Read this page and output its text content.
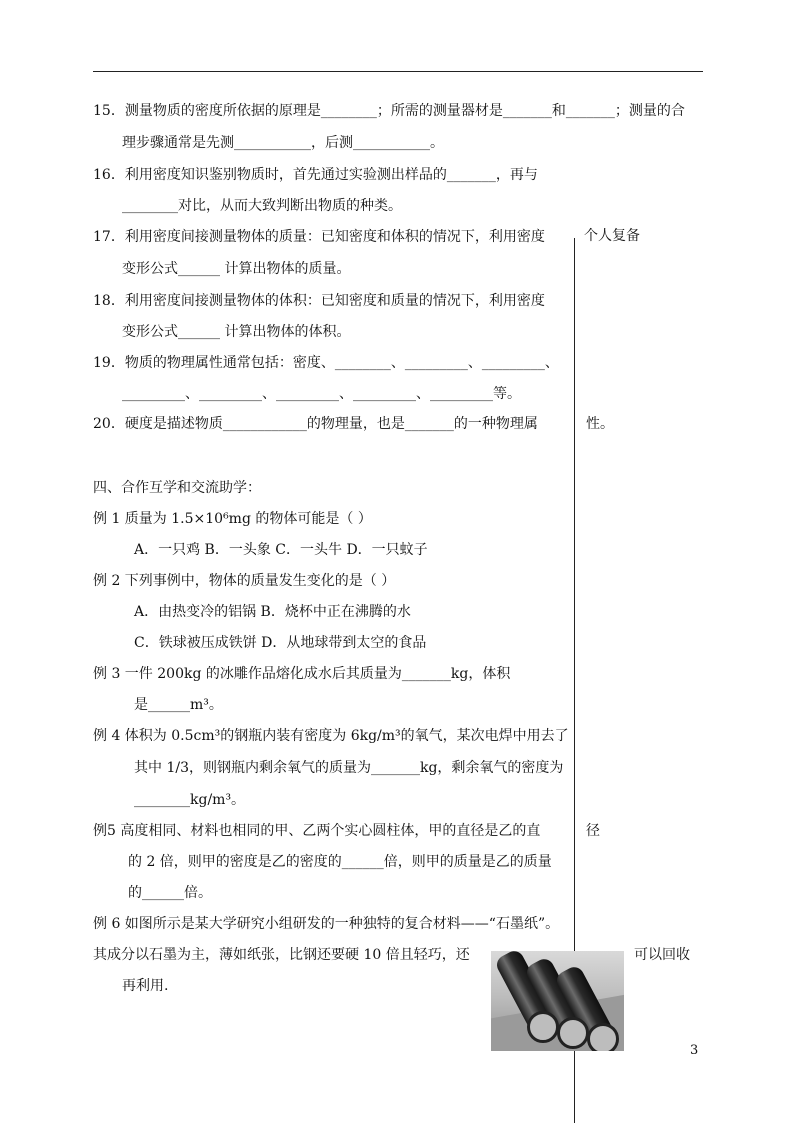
15．测量物质的密度所依据的原理是________；所需的测量器材是_______和_______；测量的合
理步骤通常是先测___________，后测___________。
16．利用密度知识鉴别物质时，首先通过实验测出样品的_______，再与
________对比，从而大致判断出物质的种类。
17．利用密度间接测量物体的质量：已知密度和体积的情况下，利用密度
变形公式______ 计算出物体的质量。
18．利用密度间接测量物体的体积：已知密度和质量的情况下，利用密度
变形公式______ 计算出物体的体积。
19．物质的物理属性通常包括：密度、________、_________、_________、
_________、_________、_________、_________、_________等。
20．硬度是描述物质____________的物理量，也是_______的一种物理属
四、合作互学和交流助学：
例 1 质量为 1.5×10⁶mg 的物体可能是（ ）
A．一只鸡 B．一头象 C．一头牛 D．一只蚊子
例 2 下列事例中，物体的质量发生变化的是（ ）
A．由热变冷的铝锅 B．烧杯中正在沸腾的水
C．铁球被压成铁饼 D．从地球带到太空的食品
例 3 一件 200kg 的冰雕作品熔化成水后其质量为_______kg，体积
是______m³。
例 4 体积为 0.5cm³的钢瓶内装有密度为 6kg/m³的氧气，某次电焊中用去了
其中 1/3，则钢瓶内剩余氧气的质量为_______kg，剩余氧气的密度为
________kg/m³。
例5 高度相同、材料也相同的甲、乙两个实心圆柱体，甲的直径是乙的直
的 2 倍，则甲的密度是乙的密度的______倍，则甲的质量是乙的质量
的______倍。
例 6 如图所示是某大学研究小组研发的一种独特的复合材料——“石墨纸”。
其成分以石墨为主，薄如纸张，比钢还要硬 10 倍且轻巧，还
再利用.
个人复备
性。
径
可以回收
3
